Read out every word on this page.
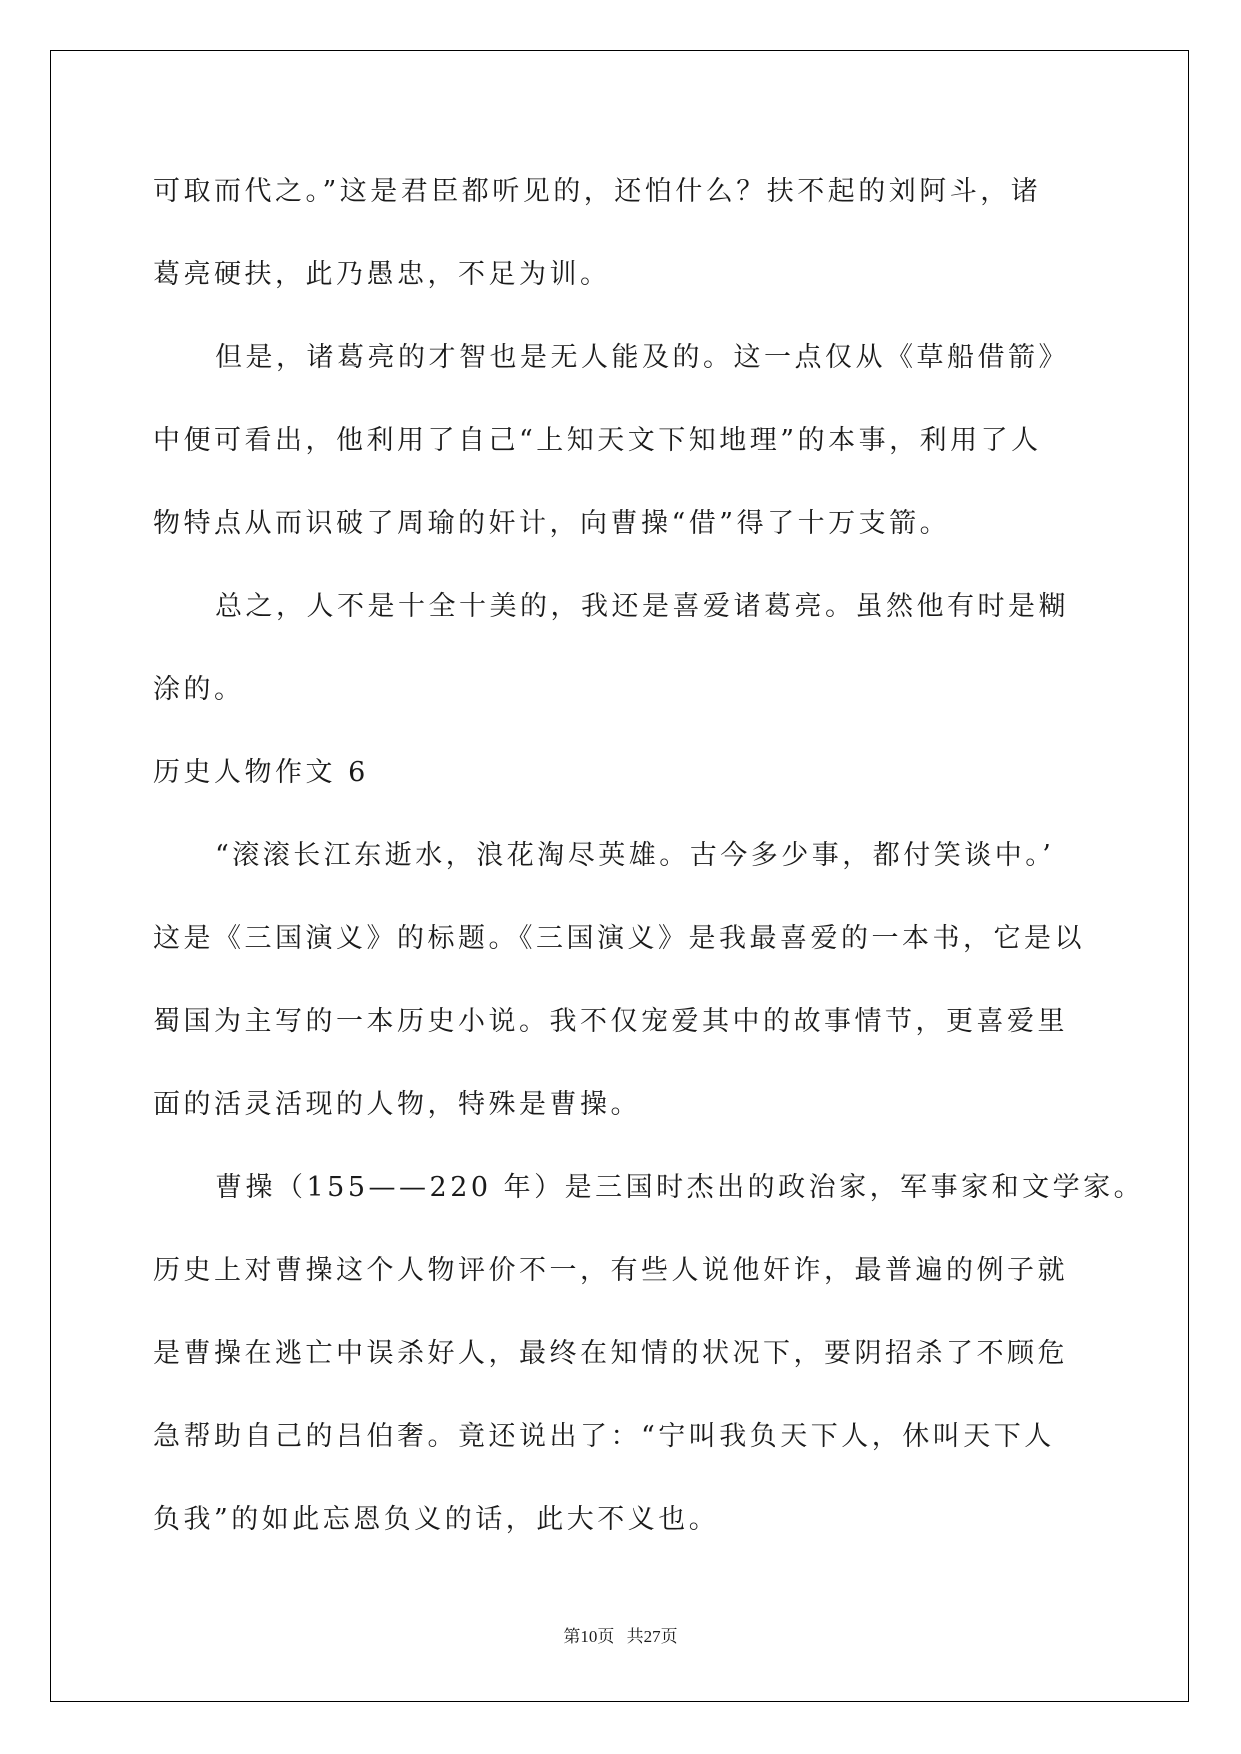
可取而代之。”这是君臣都听见的，还怕什么？扶不起的刘阿斗，诸
葛亮硬扶，此乃愚忠，不足为训。
但是，诸葛亮的才智也是无人能及的。这一点仅从《草船借箭》
中便可看出，他利用了自己“上知天文下知地理”的本事，利用了人
物特点从而识破了周瑜的奸计，向曹操“借”得了十万支箭。
总之，人不是十全十美的，我还是喜爱诸葛亮。虽然他有时是糊
涂的。
历史人物作文 6
“滚滚长江东逝水，浪花淘尽英雄。古今多少事，都付笑谈中。’
这是《三国演义》的标题。《三国演义》是我最喜爱的一本书，它是以
蜀国为主写的一本历史小说。我不仅宠爱其中的故事情节，更喜爱里
面的活灵活现的人物，特殊是曹操。
曹操（155——220 年）是三国时杰出的政治家，军事家和文学家。
历史上对曹操这个人物评价不一，有些人说他奸诈，最普遍的例子就
是曹操在逃亡中误杀好人，最终在知情的状况下，要阴招杀了不顾危
急帮助自己的吕伯奢。竟还说出了：“宁叫我负天下人，休叫天下人
负我”的如此忘恩负义的话，此大不义也。
第10页 共27页
